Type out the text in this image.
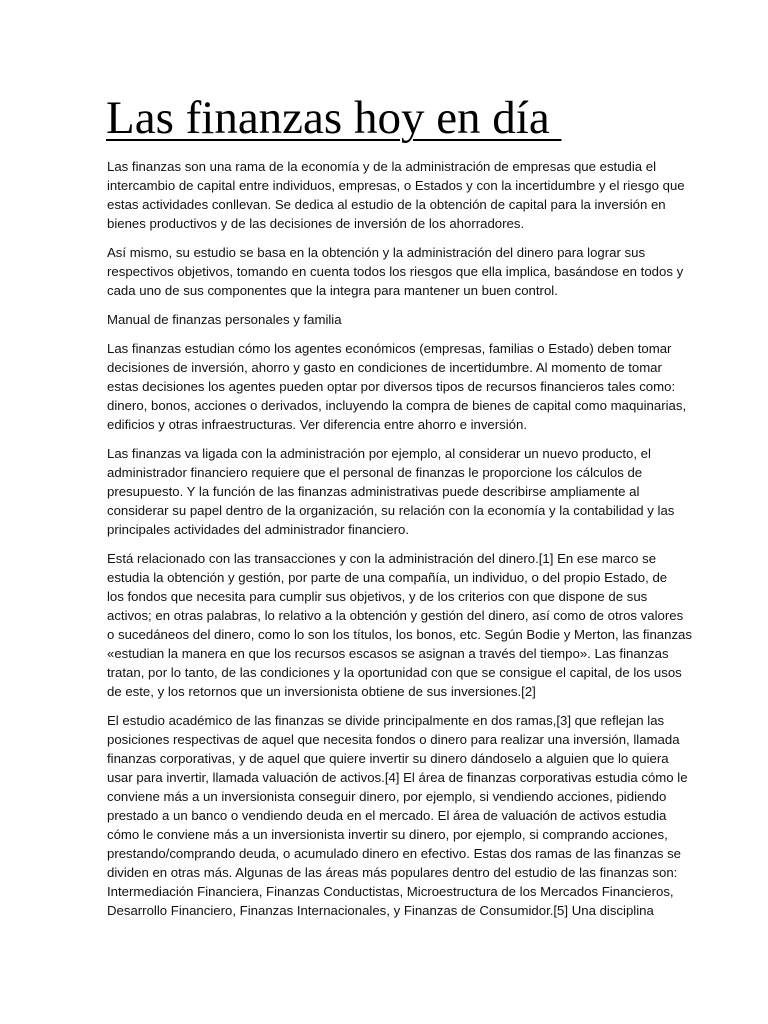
Las finanzas hoy en día

Las finanzas son una rama de la economía y de la administración de empresas que estudia el
intercambio de capital entre individuos, empresas, o Estados y con la incertidumbre y el riesgo que
estas actividades conllevan. Se dedica al estudio de la obtención de capital para la inversión en
bienes productivos y de las decisiones de inversión de los ahorradores.

Así mismo, su estudio se basa en la obtención y la administración del dinero para lograr sus
respectivos objetivos, tomando en cuenta todos los riesgos que ella implica, basándose en todos y
cada uno de sus componentes que la integra para mantener un buen control.

Manual de finanzas personales y familia

Las finanzas estudian cómo los agentes económicos (empresas, familias o Estado) deben tomar
decisiones de inversión, ahorro y gasto en condiciones de incertidumbre. Al momento de tomar
estas decisiones los agentes pueden optar por diversos tipos de recursos financieros tales como:
dinero, bonos, acciones o derivados, incluyendo la compra de bienes de capital como maquinarias,
edificios y otras infraestructuras. Ver diferencia entre ahorro e inversión.

Las finanzas va ligada con la administración por ejemplo, al considerar un nuevo producto, el
administrador financiero requiere que el personal de finanzas le proporcione los cálculos de
presupuesto. Y la función de las finanzas administrativas puede describirse ampliamente al
considerar su papel dentro de la organización, su relación con la economía y la contabilidad y las
principales actividades del administrador financiero.

Está relacionado con las transacciones y con la administración del dinero.[1] En ese marco se
estudia la obtención y gestión, por parte de una compañía, un individuo, o del propio Estado, de
los fondos que necesita para cumplir sus objetivos, y de los criterios con que dispone de sus
activos; en otras palabras, lo relativo a la obtención y gestión del dinero, así como de otros valores
o sucedáneos del dinero, como lo son los títulos, los bonos, etc. Según Bodie y Merton, las finanzas
«estudian la manera en que los recursos escasos se asignan a través del tiempo». Las finanzas
tratan, por lo tanto, de las condiciones y la oportunidad con que se consigue el capital, de los usos
de este, y los retornos que un inversionista obtiene de sus inversiones.[2]

El estudio académico de las finanzas se divide principalmente en dos ramas,[3] que reflejan las
posiciones respectivas de aquel que necesita fondos o dinero para realizar una inversión, llamada
finanzas corporativas, y de aquel que quiere invertir su dinero dándoselo a alguien que lo quiera
usar para invertir, llamada valuación de activos.[4] El área de finanzas corporativas estudia cómo le
conviene más a un inversionista conseguir dinero, por ejemplo, si vendiendo acciones, pidiendo
prestado a un banco o vendiendo deuda en el mercado. El área de valuación de activos estudia
cómo le conviene más a un inversionista invertir su dinero, por ejemplo, si comprando acciones,
prestando/comprando deuda, o acumulado dinero en efectivo. Estas dos ramas de las finanzas se
dividen en otras más. Algunas de las áreas más populares dentro del estudio de las finanzas son:
Intermediación Financiera, Finanzas Conductistas, Microestructura de los Mercados Financieros,
Desarrollo Financiero, Finanzas Internacionales, y Finanzas de Consumidor.[5] Una disciplina
